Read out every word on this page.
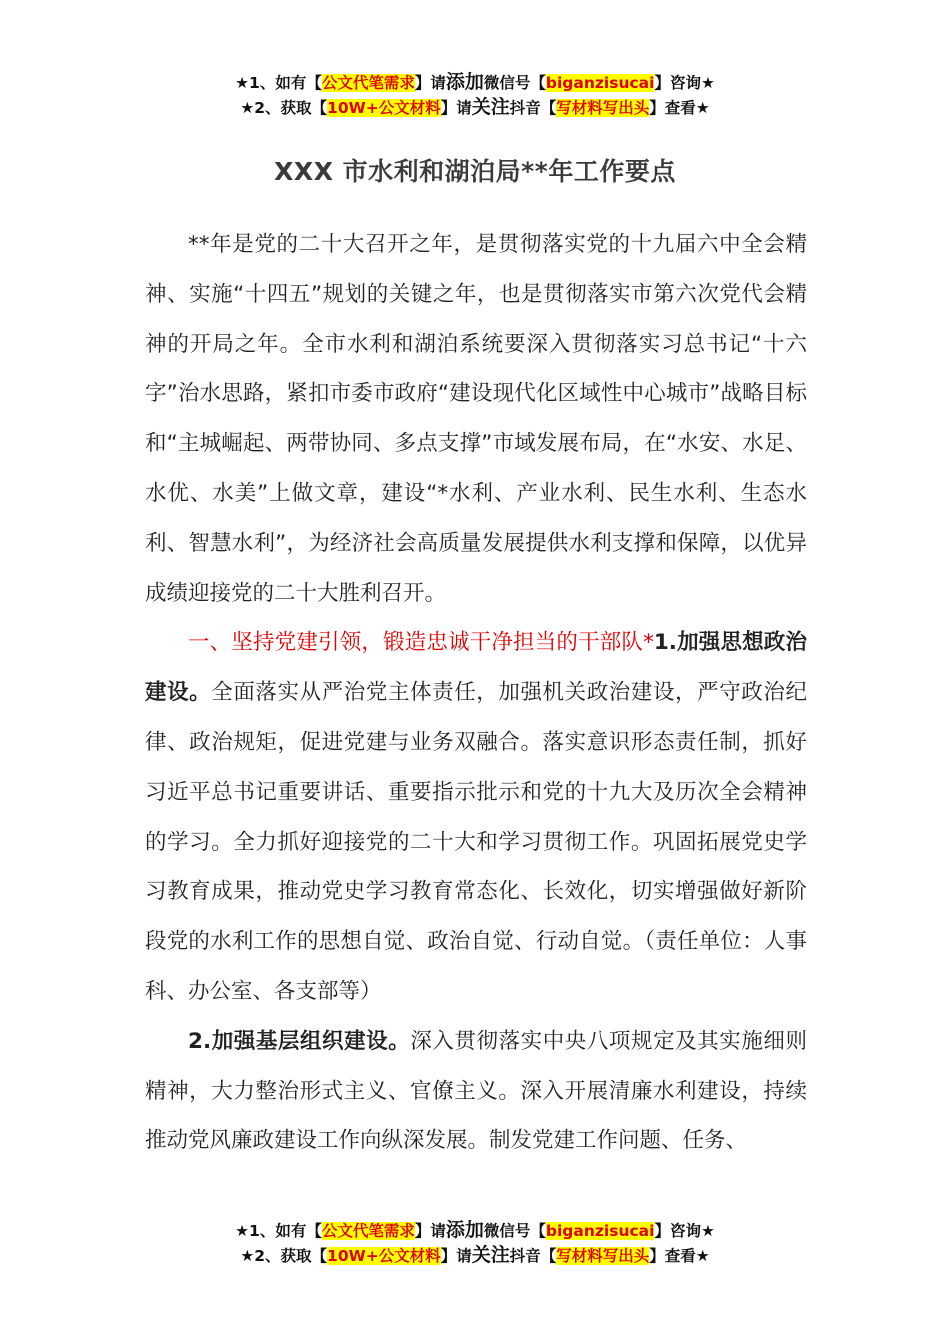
★1、如有【公文代笔需求】请添加微信号【biganzisucai】咨询★
★2、获取【10W+公文材料】请关注抖音【写材料写出头】查看★
XXX 市水利和湖泊局**年工作要点

**年是党的二十大召开之年，是贯彻落实党的十九届六中全会精神、实施“十四五”规划的关键之年，也是贯彻落实市第六次党代会精神的开局之年。全市水利和湖泊系统要深入贯彻落实习总书记“十六字”治水思路，紧扣市委市政府“建设现代化区域性中心城市”战略目标和“主城崛起、两带协同、多点支撑”市域发展布局，在“水安、水足、水优、水美”上做文章，建设“*水利、产业水利、民生水利、生态水利、智慧水利”，为经济社会高质量发展提供水利支撑和保障，以优异成绩迎接党的二十大胜利召开。

一、坚持党建引领，锻造忠诚干净担当的干部队*1.加强思想政治建设。全面落实从严治党主体责任，加强机关政治建设，严守政治纪律、政治规矩，促进党建与业务双融合。落实意识形态责任制，抓好习近平总书记重要讲话、重要指示批示和党的十九大及历次全会精神的学习。全力抓好迎接党的二十大和学习贯彻工作。巩固拓展党史学习教育成果，推动党史学习教育常态化、长效化，切实增强做好新阶段党的水利工作的思想自觉、政治自觉、行动自觉。（责任单位：人事科、办公室、各支部等）

2.加强基层组织建设。深入贯彻落实中央八项规定及其实施细则精神，大力整治形式主义、官僚主义。深入开展清廉水利建设，持续推动党风廉政建设工作向纵深发展。制发党建工作问题、任务、

★1、如有【公文代笔需求】请添加微信号【biganzisucai】咨询★
★2、获取【10W+公文材料】请关注抖音【写材料写出头】查看★
